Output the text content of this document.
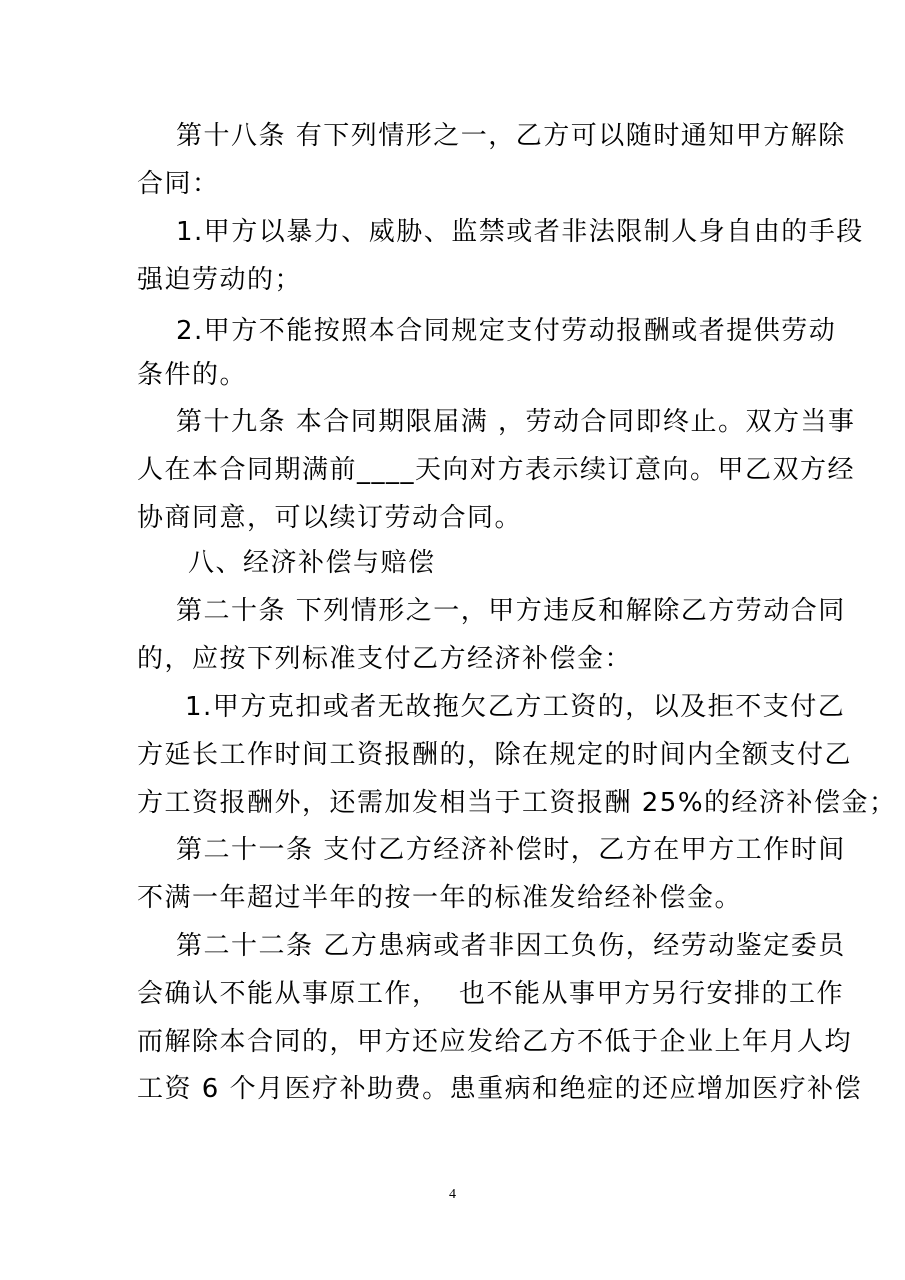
第十八条 有下列情形之一，乙方可以随时通知甲方解除
合同：
1.甲方以暴力、威胁、监禁或者非法限制人身自由的手段
强迫劳动的；
2.甲方不能按照本合同规定支付劳动报酬或者提供劳动
条件的。
第十九条 本合同期限届满 ，劳动合同即终止。双方当事
人在本合同期满前____天向对方表示续订意向。甲乙双方经
协商同意，可以续订劳动合同。
八、经济补偿与赔偿
第二十条 下列情形之一，甲方违反和解除乙方劳动合同
的，应按下列标准支付乙方经济补偿金：
1.甲方克扣或者无故拖欠乙方工资的，以及拒不支付乙
方延长工作时间工资报酬的，除在规定的时间内全额支付乙
方工资报酬外，还需加发相当于工资报酬 25%的经济补偿金；
第二十一条 支付乙方经济补偿时，乙方在甲方工作时间
不满一年超过半年的按一年的标准发给经补偿金。
第二十二条 乙方患病或者非因工负伤，经劳动鉴定委员
会确认不能从事原工作，  也不能从事甲方另行安排的工作
而解除本合同的，甲方还应发给乙方不低于企业上年月人均
工资 6 个月医疗补助费。患重病和绝症的还应增加医疗补偿
4
